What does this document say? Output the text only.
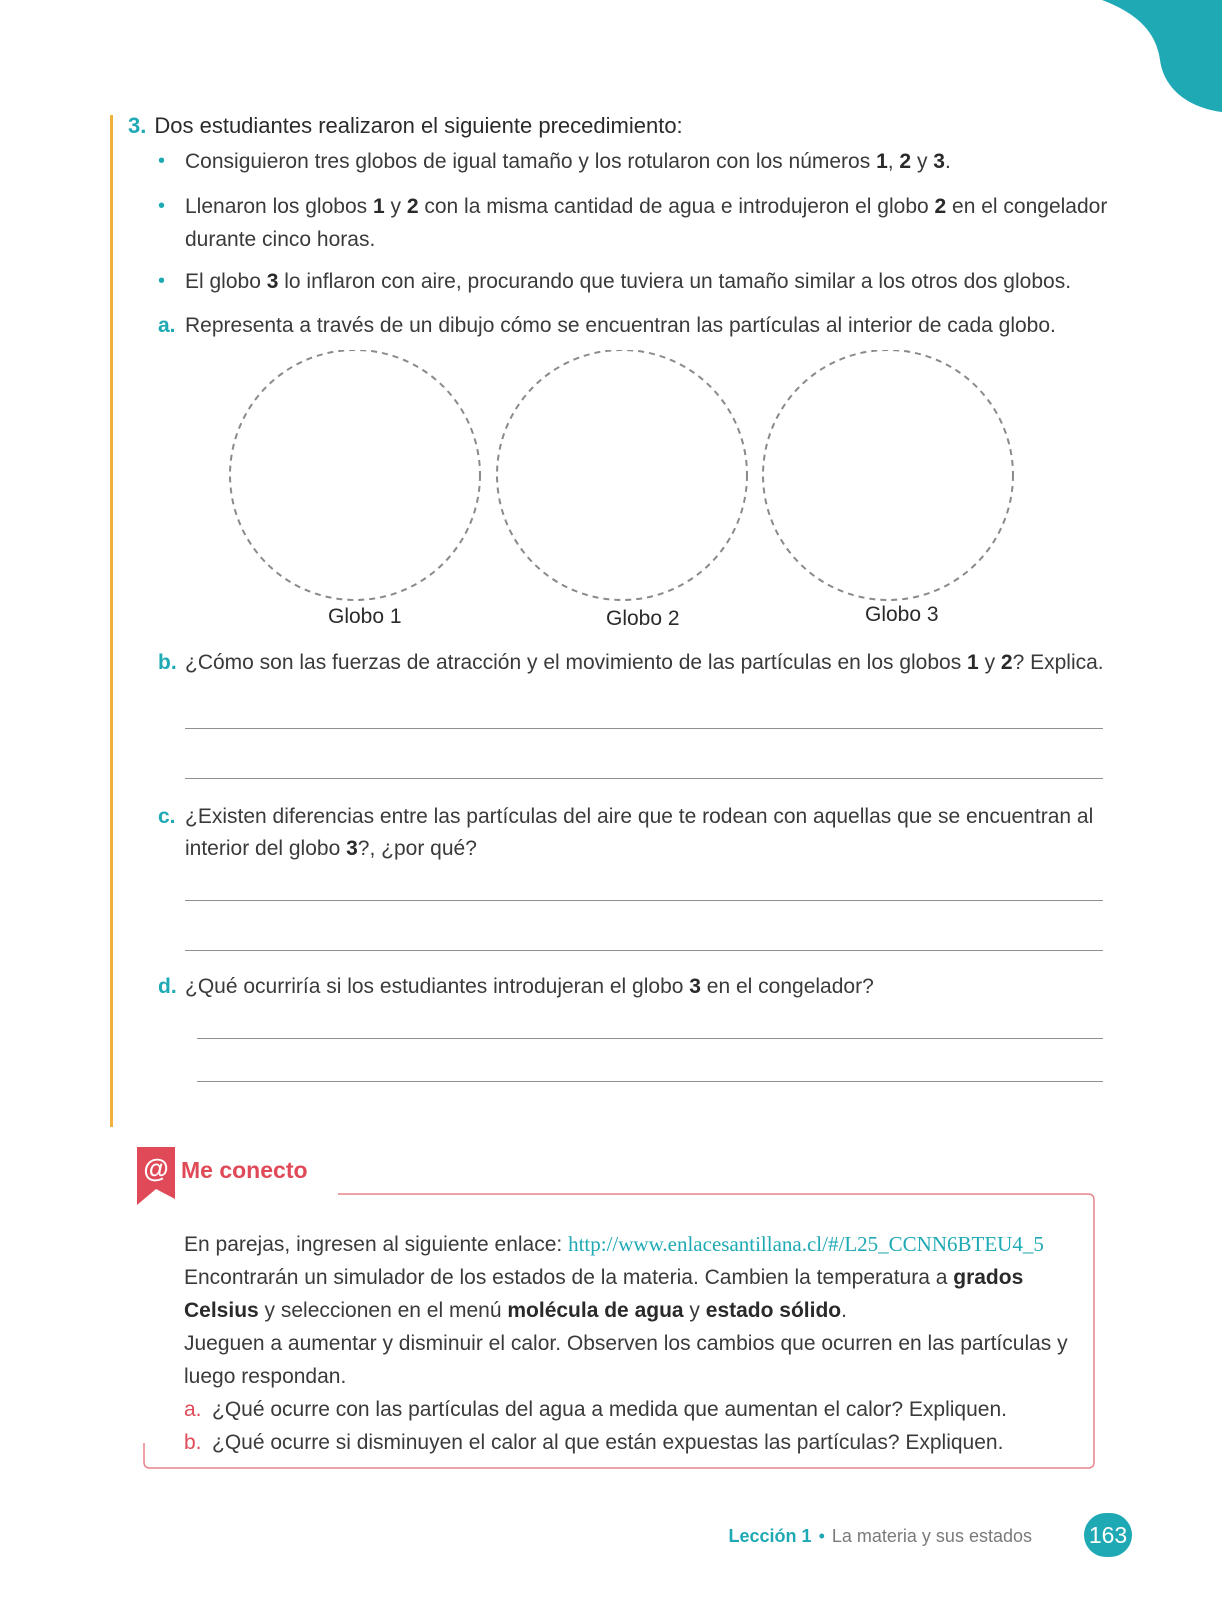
3. Dos estudiantes realizaron el siguiente precedimiento:
• Consiguieron tres globos de igual tamaño y los rotularon con los números 1, 2 y 3.
• Llenaron los globos 1 y 2 con la misma cantidad de agua e introdujeron el globo 2 en el congelador durante cinco horas.
• El globo 3 lo inflaron con aire, procurando que tuviera un tamaño similar a los otros dos globos.
a. Representa a través de un dibujo cómo se encuentran las partículas al interior de cada globo.
Globo 1	Globo 2	Globo 3
b. ¿Cómo son las fuerzas de atracción y el movimiento de las partículas en los globos 1 y 2? Explica.
c. ¿Existen diferencias entre las partículas del aire que te rodean con aquellas que se encuentran al interior del globo 3?, ¿por qué?
d. ¿Qué ocurriría si los estudiantes introdujeran el globo 3 en el congelador?
@ Me conecto
En parejas, ingresen al siguiente enlace: http://www.enlacesantillana.cl/#/L25_CCNN6BTEU4_5
Encontrarán un simulador de los estados de la materia. Cambien la temperatura a grados Celsius y seleccionen en el menú molécula de agua y estado sólido.
Jueguen a aumentar y disminuir el calor. Observen los cambios que ocurren en las partículas y luego respondan.
a. ¿Qué ocurre con las partículas del agua a medida que aumentan el calor? Expliquen.
b. ¿Qué ocurre si disminuyen el calor al que están expuestas las partículas? Expliquen.
Lección 1 • La materia y sus estados 163
